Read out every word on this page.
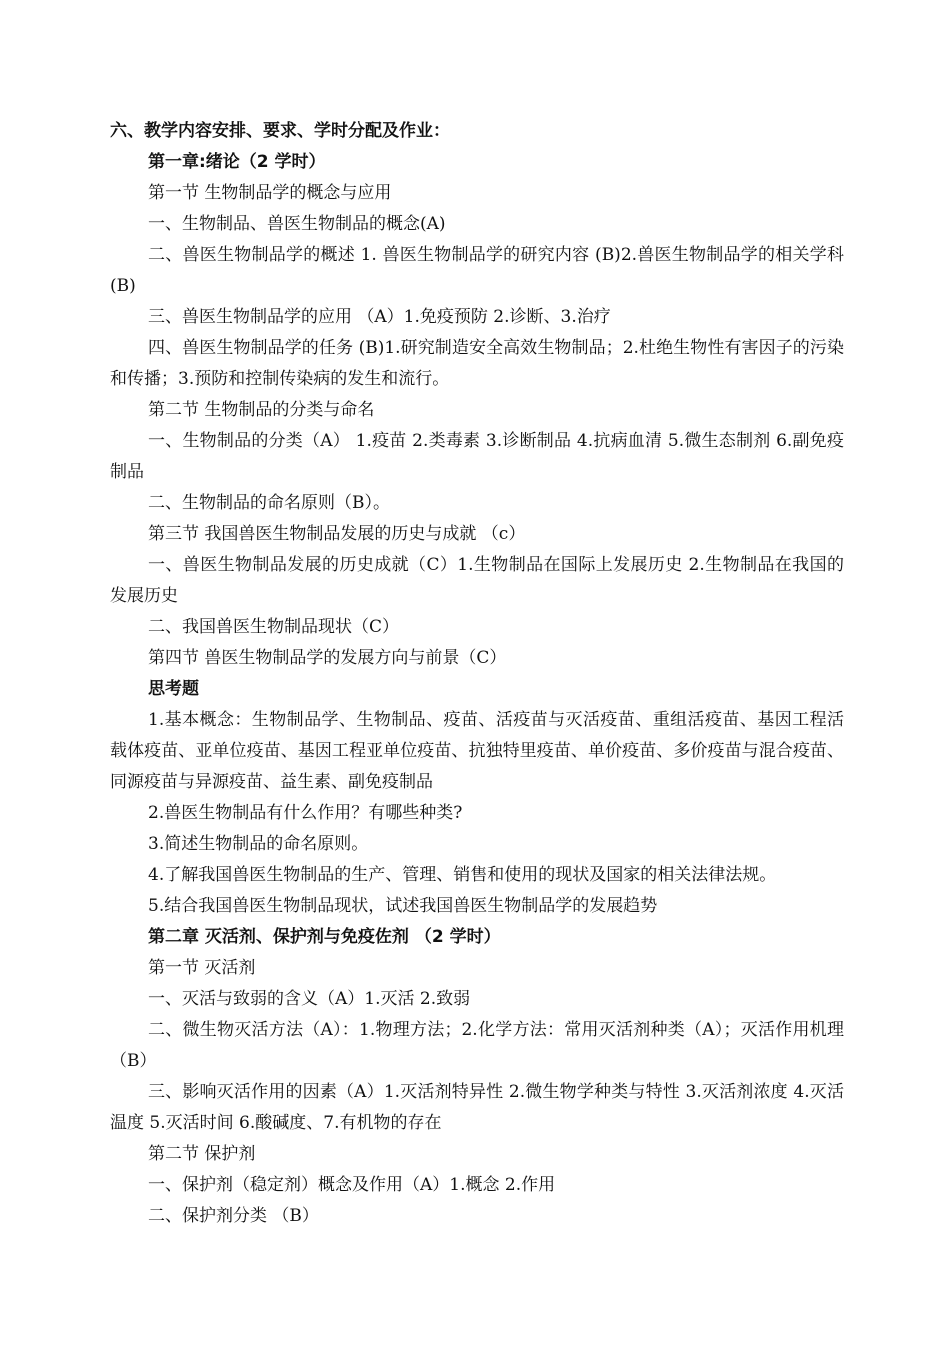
六、教学内容安排、要求、学时分配及作业：

第一章:绪论（2 学时）

第一节 生物制品学的概念与应用

一、生物制品、兽医生物制品的概念(A)

二、兽医生物制品学的概述 1. 兽医生物制品学的研究内容 (B)2.兽医生物制品学的相关学科(B)

三、兽医生物制品学的应用 （A）1.免疫预防 2.诊断、3.治疗

四、兽医生物制品学的任务 (B)1.研究制造安全高效生物制品；2.杜绝生物性有害因子的污染和传播；3.预防和控制传染病的发生和流行。

第二节 生物制品的分类与命名

一、生物制品的分类（A） 1.疫苗 2.类毒素 3.诊断制品 4.抗病血清 5.微生态制剂 6.副免疫制品

二、生物制品的命名原则（B）。

第三节 我国兽医生物制品发展的历史与成就 （c）

一、兽医生物制品发展的历史成就（C）1.生物制品在国际上发展历史 2.生物制品在我国的发展历史

二、我国兽医生物制品现状（C）

第四节 兽医生物制品学的发展方向与前景（C）

思考题

1.基本概念：生物制品学、生物制品、疫苗、活疫苗与灭活疫苗、重组活疫苗、基因工程活载体疫苗、亚单位疫苗、基因工程亚单位疫苗、抗独特里疫苗、单价疫苗、多价疫苗与混合疫苗、同源疫苗与异源疫苗、益生素、副免疫制品

2.兽医生物制品有什么作用？有哪些种类?

3.简述生物制品的命名原则。

4.了解我国兽医生物制品的生产、管理、销售和使用的现状及国家的相关法律法规。

5.结合我国兽医生物制品现状，试述我国兽医生物制品学的发展趋势

第二章 灭活剂、保护剂与免疫佐剂 （2 学时）

第一节 灭活剂

一、灭活与致弱的含义（A）1.灭活 2.致弱

二、微生物灭活方法（A）：1.物理方法；2.化学方法：常用灭活剂种类（A）；灭活作用机理（B）

三、影响灭活作用的因素（A）1.灭活剂特异性 2.微生物学种类与特性 3.灭活剂浓度 4.灭活温度 5.灭活时间 6.酸碱度、7.有机物的存在

第二节 保护剂

一、保护剂（稳定剂）概念及作用（A）1.概念 2.作用

二、保护剂分类 （B）
